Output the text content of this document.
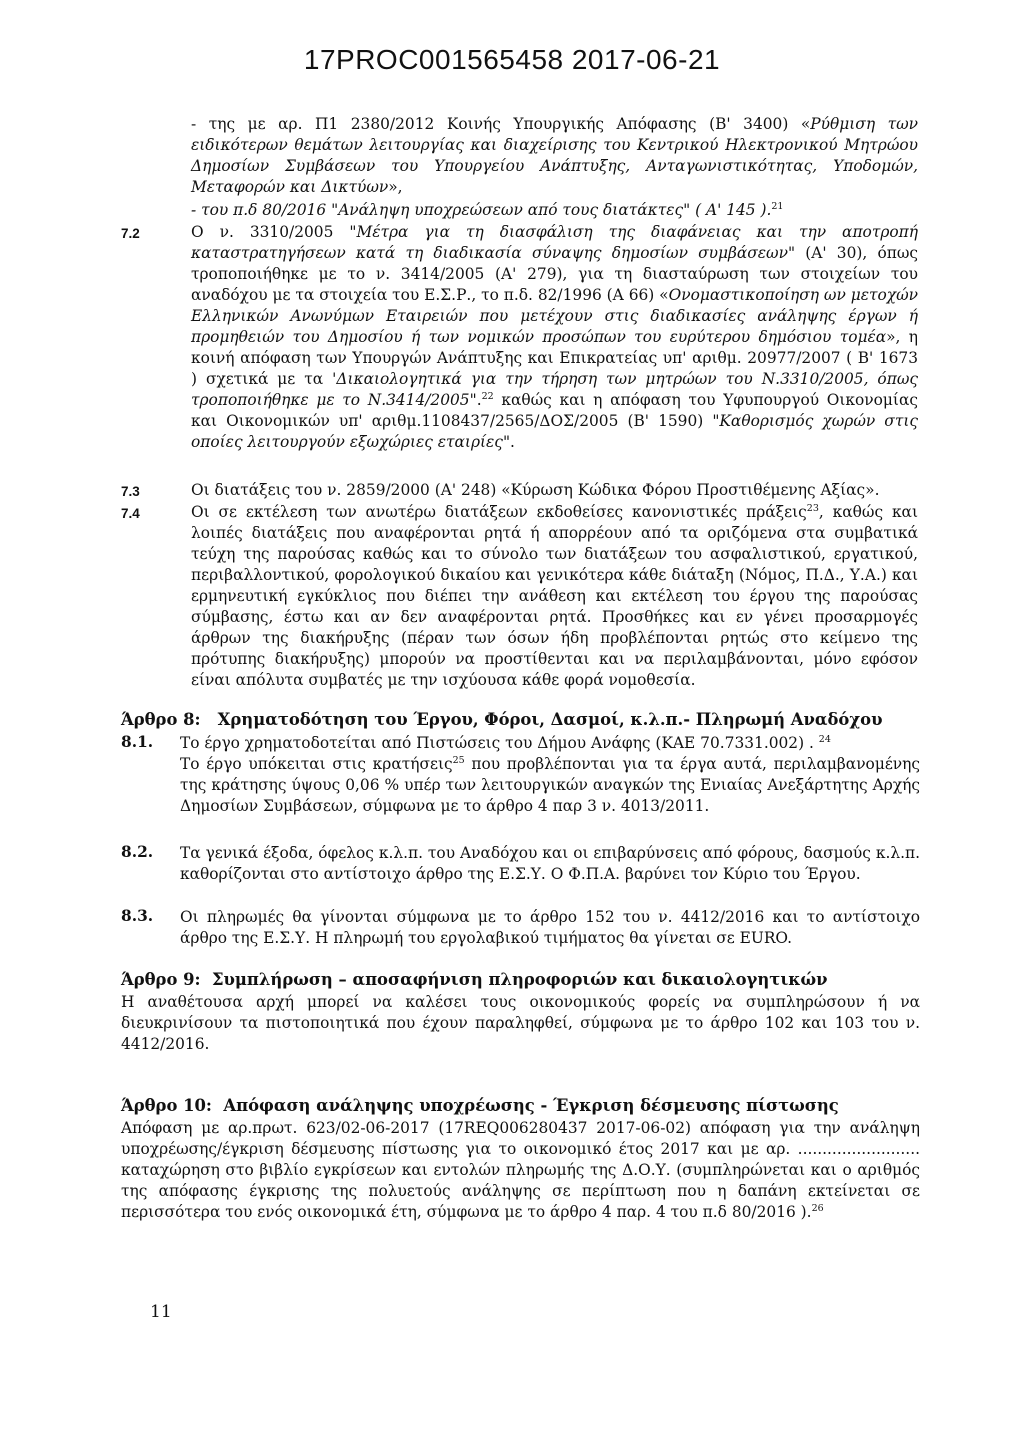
17PROC001565458 2017-06-21
- της με αρ. Π1 2380/2012 Κοινής Υπουργικής Απόφασης (Β' 3400) «Ρύθμιση των ειδικότερων θεμάτων λειτουργίας και διαχείρισης του Κεντρικού Ηλεκτρονικού Μητρώου Δημοσίων Συμβάσεων του Υπουργείου Ανάπτυξης, Ανταγωνιστικότητας, Υποδομών, Μεταφορών και Δικτύων»,
- του π.δ 80/2016 "Ανάληψη υποχρεώσεων από τους διατάκτες" ( Α' 145 ).$^{21}$
7.2	Ο ν. 3310/2005 "Μέτρα για τη διασφάλιση της διαφάνειας και την αποτροπή καταστρατηγήσεων κατά τη διαδικασία σύναψης δημοσίων συμβάσεων" (Α' 30), όπως τροποποιήθηκε με το ν. 3414/2005 (Α' 279), για τη διασταύρωση των στοιχείων του αναδόχου με τα στοιχεία του Ε.Σ.Ρ., το π.δ. 82/1996 (Α 66) «Ονομαστικοποίηση ων μετοχών Ελληνικών Ανωνύμων Εταιρειών που μετέχουν στις διαδικασίες ανάληψης έργων ή προμηθειών του Δημοσίου ή των νομικών προσώπων του ευρύτερου δημόσιου τομέα», η κοινή απόφαση των Υπουργών Ανάπτυξης και Επικρατείας υπ' αριθμ. 20977/2007 ( Β' 1673 ) σχετικά με τα 'Δικαιολογητικά για την τήρηση των μητρώων του Ν.3310/2005, όπως τροποποιήθηκε με το Ν.3414/2005".$^{22}$ καθώς και η απόφαση του Υφυπουργού Οικονομίας και Οικονομικών υπ' αριθμ.1108437/2565/ΔΟΣ/2005 (Β' 1590) "Καθορισμός χωρών στις οποίες λειτουργούν εξωχώριες εταιρίες".
7.3	Οι διατάξεις του ν. 2859/2000 (Α' 248) «Κύρωση Κώδικα Φόρου Προστιθέμενης Αξίας».
7.4	Οι σε εκτέλεση των ανωτέρω διατάξεων εκδοθείσες κανονιστικές πράξεις$^{23}$, καθώς και λοιπές διατάξεις που αναφέρονται ρητά ή απορρέουν από τα οριζόμενα στα συμβατικά τεύχη της παρούσας καθώς και το σύνολο των διατάξεων του ασφαλιστικού, εργατικού, περιβαλλοντικού, φορολογικού δικαίου και γενικότερα κάθε διάταξη (Νόμος, Π.Δ., Υ.Α.) και ερμηνευτική εγκύκλιος που διέπει την ανάθεση και εκτέλεση του έργου της παρούσας σύμβασης, έστω και αν δεν αναφέρονται ρητά. Προσθήκες και εν γένει προσαρμογές άρθρων της διακήρυξης (πέραν των όσων ήδη προβλέπονται ρητώς στο κείμενο της πρότυπης διακήρυξης) μπορούν να προστίθενται και να περιλαμβάνονται, μόνο εφόσον είναι απόλυτα συμβατές με την ισχύουσα κάθε φορά νομοθεσία.
Άρθρο 8: Χρηματοδότηση του Έργου, Φόροι, Δασμοί, κ.λ.π.- Πληρωμή Αναδόχου
8.1. Το έργο χρηματοδοτείται από Πιστώσεις του Δήμου Ανάφης (ΚΑΕ 70.7331.002) . $^{24}$
Το έργο υπόκειται στις κρατήσεις$^{25}$ που προβλέπονται για τα έργα αυτά, περιλαμβανομένης της κράτησης ύψους 0,06 % υπέρ των λειτουργικών αναγκών της Ενιαίας Ανεξάρτητης Αρχής Δημοσίων Συμβάσεων, σύμφωνα με το άρθρο 4 παρ 3 ν. 4013/2011.
8.2. Τα γενικά έξοδα, όφελος κ.λ.π. του Αναδόχου και οι επιβαρύνσεις από φόρους, δασμούς κ.λ.π. καθορίζονται στο αντίστοιχο άρθρο της Ε.Σ.Υ. Ο Φ.Π.Α. βαρύνει τον Κύριο του Έργου.
8.3. Οι πληρωμές θα γίνονται σύμφωνα με το άρθρο 152 του ν. 4412/2016 και το αντίστοιχο άρθρο της Ε.Σ.Υ. Η πληρωμή του εργολαβικού τιμήματος θα γίνεται σε EURO.
Άρθρο 9: Συμπλήρωση – αποσαφήνιση πληροφοριών και δικαιολογητικών
Η αναθέτουσα αρχή μπορεί να καλέσει τους οικονομικούς φορείς να συμπληρώσουν ή να διευκρινίσουν τα πιστοποιητικά που έχουν παραληφθεί, σύμφωνα με το άρθρο 102 και 103 του ν. 4412/2016.
Άρθρο 10: Απόφαση ανάληψης υποχρέωσης - Έγκριση δέσμευσης πίστωσης
Απόφαση με αρ.πρωτ. 623/02-06-2017 (17REQ006280437 2017-06-02) απόφαση για την ανάληψη υποχρέωσης/έγκριση δέσμευσης πίστωσης για το οικονομικό έτος 2017 και με αρ. ......................... καταχώρηση στο βιβλίο εγκρίσεων και εντολών πληρωμής της Δ.Ο.Υ. (συμπληρώνεται και ο αριθμός της απόφασης έγκρισης της πολυετούς ανάληψης σε περίπτωση που η δαπάνη εκτείνεται σε περισσότερα του ενός οικονομικά έτη, σύμφωνα με το άρθρο 4 παρ. 4 του π.δ 80/2016 ).$^{26}$
11
